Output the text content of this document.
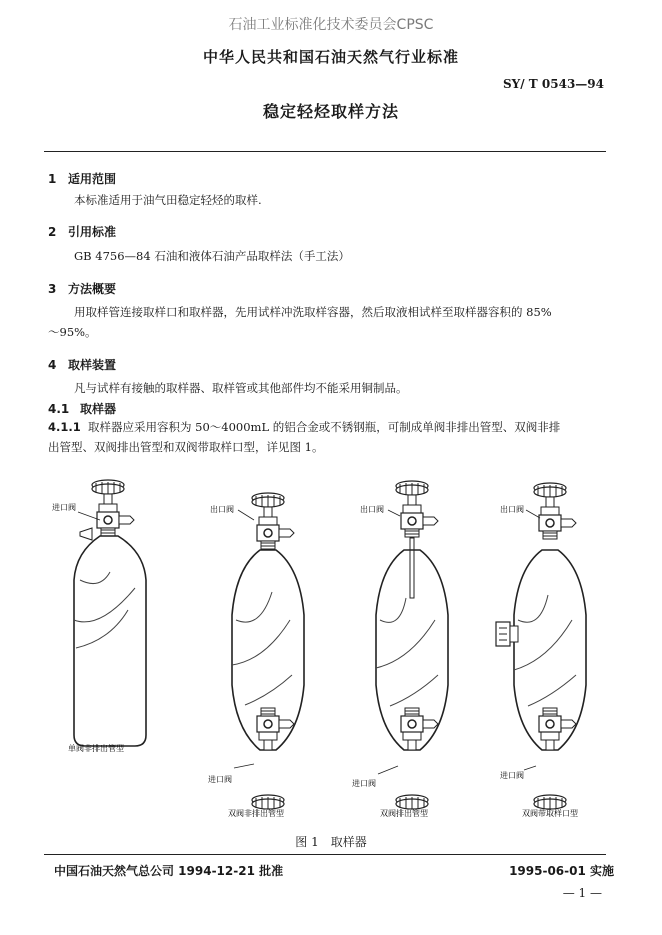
石油工业标准化技术委员会CPSC
中华人民共和国石油天然气行业标准
SY/ T 0543—94
稳定轻烃取样方法
1 适用范围
本标准适用于油气田稳定轻烃的取样.
2 引用标准
GB 4756—84 石油和液体石油产品取样法（手工法）
3 方法概要
用取样管连接取样口和取样器，先用试样冲洗取样容器，然后取液相试样至取样器容积的 85%
～95%。
4 取样装置
凡与试样有接触的取样器、取样管或其他部件均不能采用铜制品。
4.1 取样器
4.1.1 取样器应采用容积为 50～4000mL 的铝合金或不锈钢瓶，可制成单阀非排出管型、双阀非排
出管型、双阀排出管型和双阀带取样口型，详见图 1。
进口阀
单阀非排出管型
出口阀
进口阀
双阀非排出管型
出口阀
进口阀
双阀排出管型
出口阀
进口阀
双阀带取样口型
图 1　取样器
中国石油天然气总公司 1994-12-21 批准	1995-06-01 实施
— 1 —
